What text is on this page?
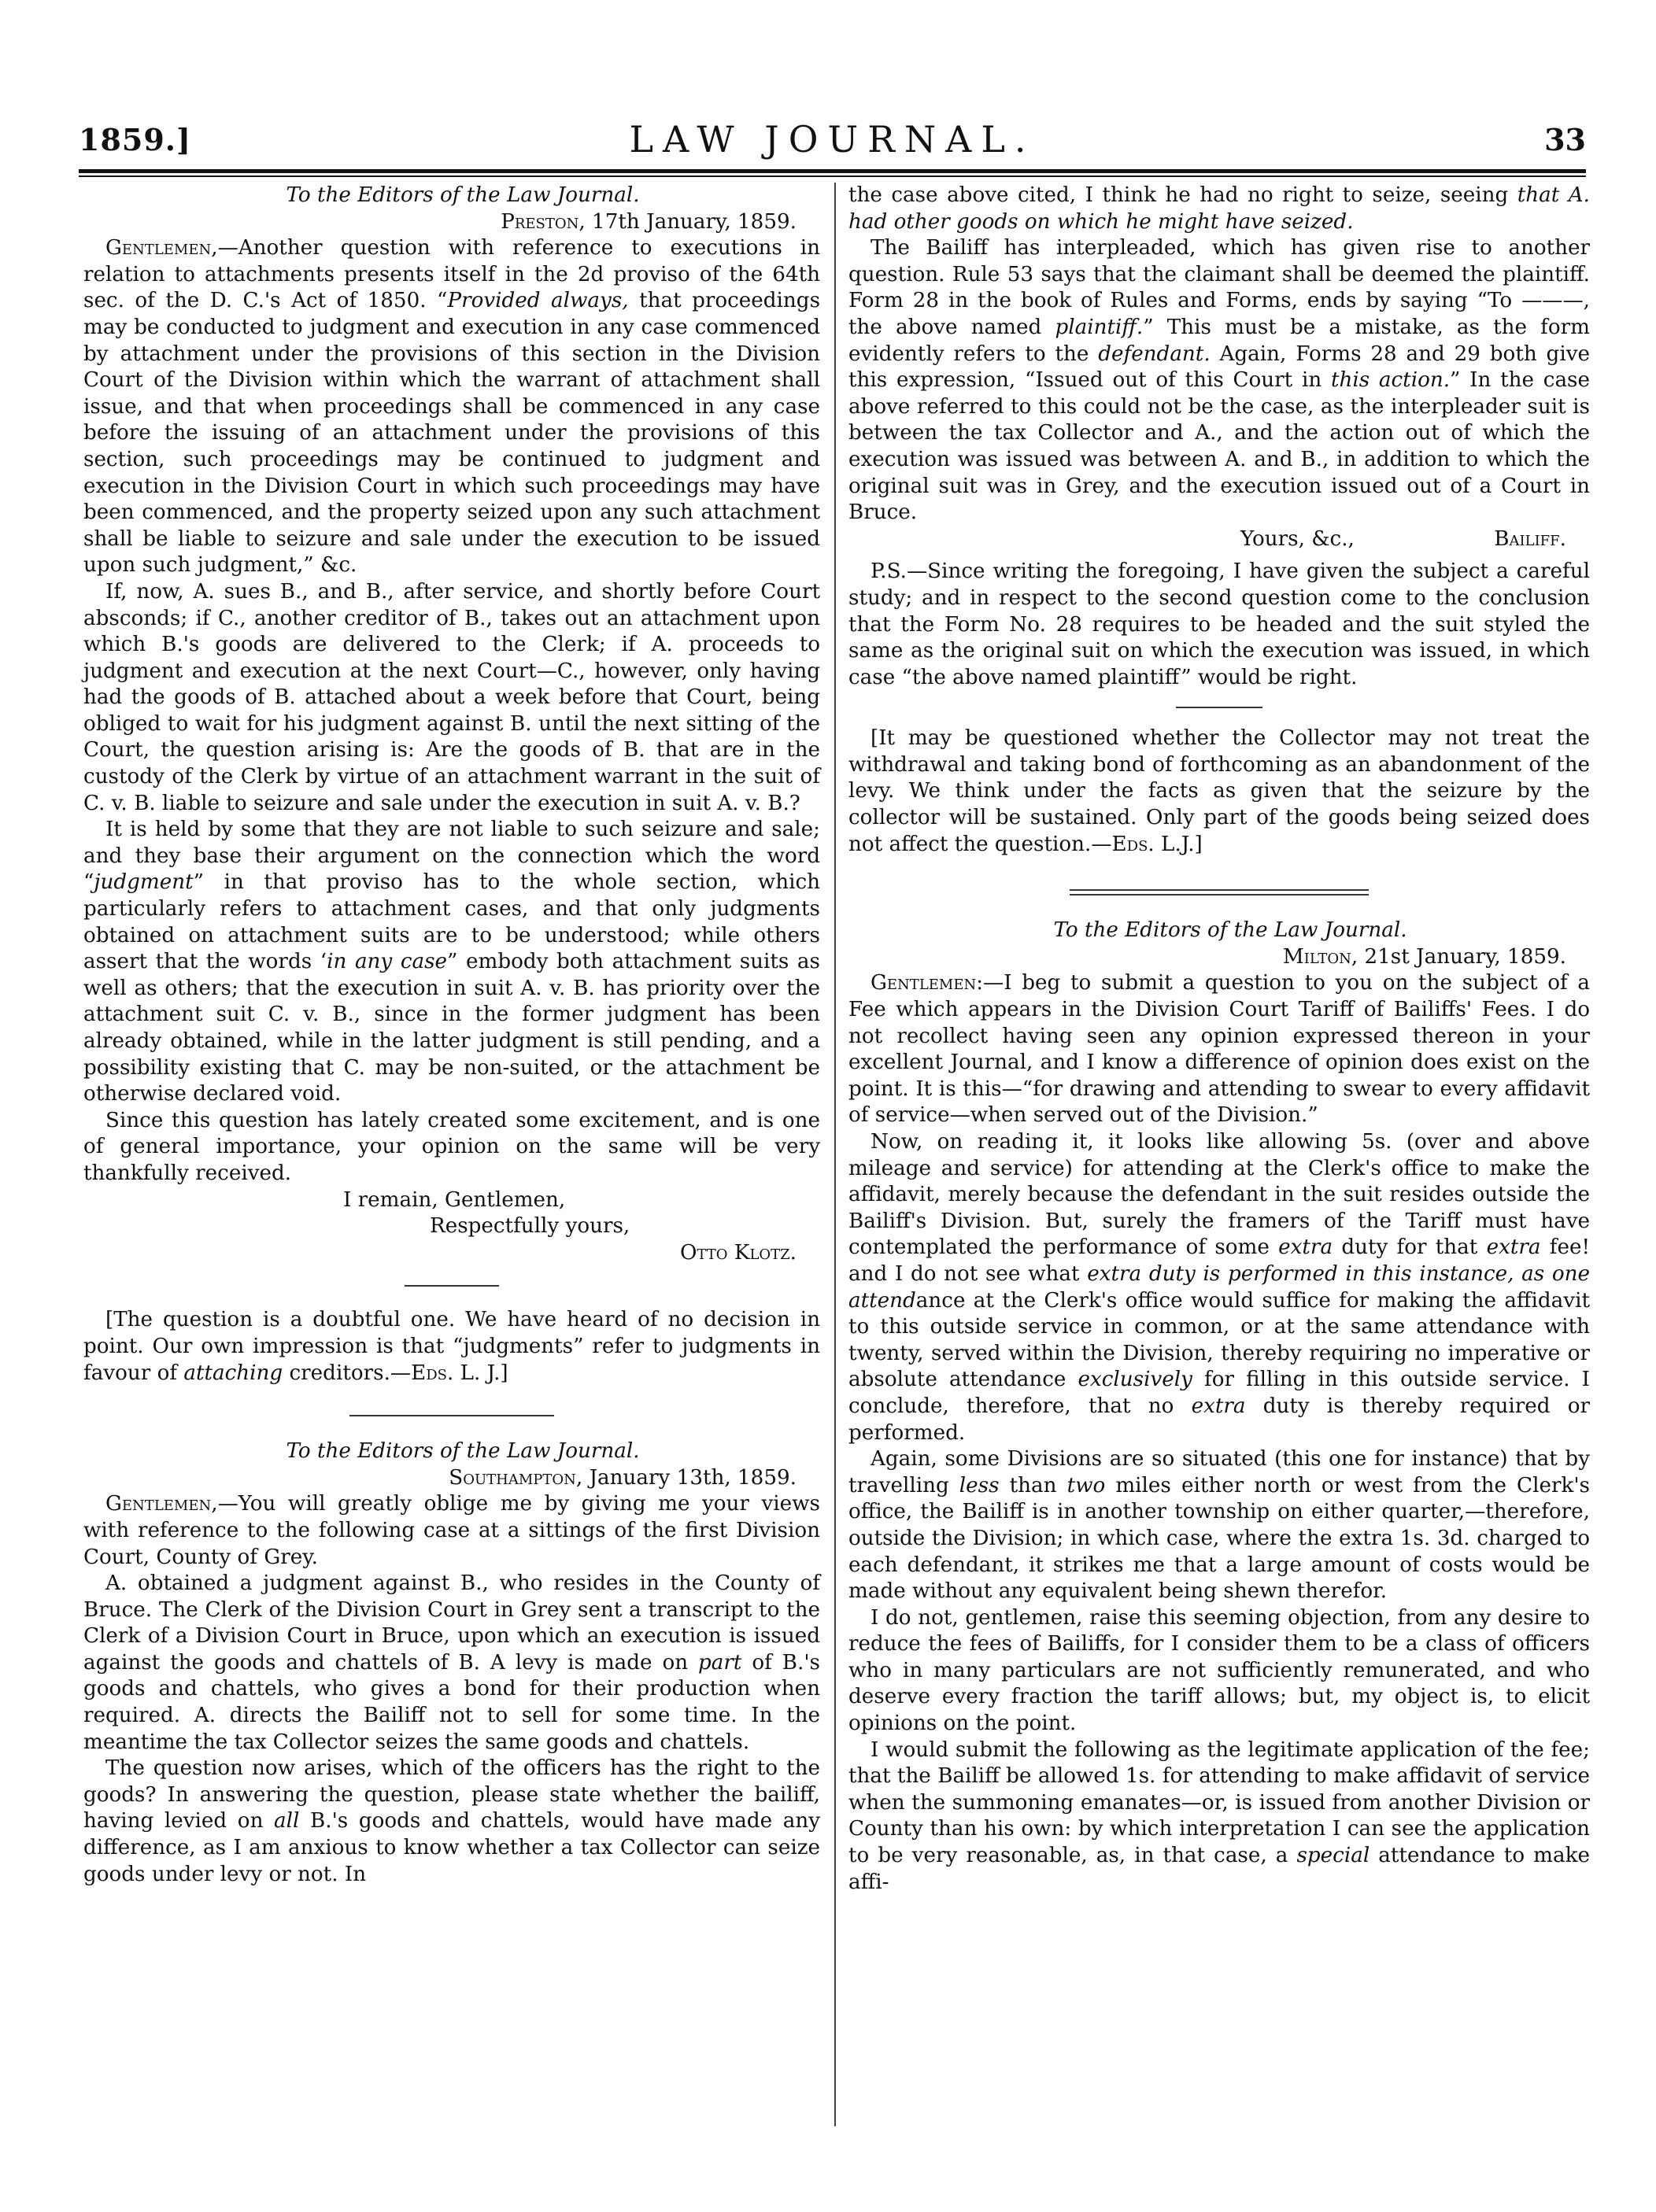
1859.]	LAW JOURNAL.	33

To the Editors of the Law Journal.

Preston, 17th January, 1859.

Gentlemen,—Another question with reference to executions in relation to attachments presents itself in the 2d proviso of the 64th sec. of the D. C.'s Act of 1850. “Provided always, that proceedings may be conducted to judgment and execution in any case commenced by attachment under the provisions of this section in the Division Court of the Division within which the warrant of attachment shall issue, and that when proceedings shall be commenced in any case before the issuing of an attachment under the provisions of this section, such proceedings may be continued to judgment and execution in the Division Court in which such proceedings may have been commenced, and the property seized upon any such attachment shall be liable to seizure and sale under the execution to be issued upon such judgment,” &c.

If, now, A. sues B., and B., after service, and shortly before Court absconds; if C., another creditor of B., takes out an attachment upon which B.'s goods are delivered to the Clerk; if A. proceeds to judgment and execution at the next Court—C., however, only having had the goods of B. attached about a week before that Court, being obliged to wait for his judgment against B. until the next sitting of the Court, the question arising is: Are the goods of B. that are in the custody of the Clerk by virtue of an attachment warrant in the suit of C. v. B. liable to seizure and sale under the execution in suit A. v. B.?

It is held by some that they are not liable to such seizure and sale; and they base their argument on the connection which the word “judgment” in that proviso has to the whole section, which particularly refers to attachment cases, and that only judgments obtained on attachment suits are to be understood; while others assert that the words ‘in any case” embody both attachment suits as well as others; that the execution in suit A. v. B. has priority over the attachment suit C. v. B., since in the former judgment has been already obtained, while in the latter judgment is still pending, and a possibility existing that C. may be non-suited, or the attachment be otherwise declared void.

Since this question has lately created some excitement, and is one of general importance, your opinion on the same will be very thankfully received.

I remain, Gentlemen,
Respectfully yours,
Otto Klotz.

[The question is a doubtful one. We have heard of no decision in point. Our own impression is that “judgments” refer to judgments in favour of attaching creditors.—Eds. L. J.]

To the Editors of the Law Journal.

Southampton, January 13th, 1859.

Gentlemen,—You will greatly oblige me by giving me your views with reference to the following case at a sittings of the first Division Court, County of Grey.

A. obtained a judgment against B., who resides in the County of Bruce. The Clerk of the Division Court in Grey sent a transcript to the Clerk of a Division Court in Bruce, upon which an execution is issued against the goods and chattels of B. A levy is made on part of B.'s goods and chattels, who gives a bond for their production when required. A. directs the Bailiff not to sell for some time. In the meantime the tax Collector seizes the same goods and chattels.

The question now arises, which of the officers has the right to the goods? In answering the question, please state whether the bailiff, having levied on all B.'s goods and chattels, would have made any difference, as I am anxious to know whether a tax Collector can seize goods under levy or not. In

the case above cited, I think he had no right to seize, seeing that A. had other goods on which he might have seized.

The Bailiff has interpleaded, which has given rise to another question. Rule 53 says that the claimant shall be deemed the plaintiff. Form 28 in the book of Rules and Forms, ends by saying “To ———, the above named plaintiff.” This must be a mistake, as the form evidently refers to the defendant. Again, Forms 28 and 29 both give this expression, “Issued out of this Court in this action.” In the case above referred to this could not be the case, as the interpleader suit is between the tax Collector and A., and the action out of which the execution was issued was between A. and B., in addition to which the original suit was in Grey, and the execution issued out of a Court in Bruce.

Yours, &c.,	Bailiff.

P.S.—Since writing the foregoing, I have given the subject a careful study; and in respect to the second question come to the conclusion that the Form No. 28 requires to be headed and the suit styled the same as the original suit on which the execution was issued, in which case “the above named plaintiff” would be right.

[It may be questioned whether the Collector may not treat the withdrawal and taking bond of forthcoming as an abandonment of the levy. We think under the facts as given that the seizure by the collector will be sustained. Only part of the goods being seized does not affect the question.—Eds. L.J.]

To the Editors of the Law Journal.

Milton, 21st January, 1859.

Gentlemen:—I beg to submit a question to you on the subject of a Fee which appears in the Division Court Tariff of Bailiffs' Fees. I do not recollect having seen any opinion expressed thereon in your excellent Journal, and I know a difference of opinion does exist on the point. It is this—“for drawing and attending to swear to every affidavit of service—when served out of the Division.”

Now, on reading it, it looks like allowing 5s. (over and above mileage and service) for attending at the Clerk's office to make the affidavit, merely because the defendant in the suit resides outside the Bailiff's Division. But, surely the framers of the Tariff must have contemplated the performance of some extra duty for that extra fee! and I do not see what extra duty is performed in this instance, as one attendance at the Clerk's office would suffice for making the affidavit to this outside service in common, or at the same attendance with twenty, served within the Division, thereby requiring no imperative or absolute attendance exclusively for filling in this outside service. I conclude, therefore, that no extra duty is thereby required or performed.

Again, some Divisions are so situated (this one for instance) that by travelling less than two miles either north or west from the Clerk's office, the Bailiff is in another township on either quarter,—therefore, outside the Division; in which case, where the extra 1s. 3d. charged to each defendant, it strikes me that a large amount of costs would be made without any equivalent being shewn therefor.

I do not, gentlemen, raise this seeming objection, from any desire to reduce the fees of Bailiffs, for I consider them to be a class of officers who in many particulars are not sufficiently remunerated, and who deserve every fraction the tariff allows; but, my object is, to elicit opinions on the point.

I would submit the following as the legitimate application of the fee; that the Bailiff be allowed 1s. for attending to make affidavit of service when the summoning emanates—or, is issued from another Division or County than his own: by which interpretation I can see the application to be very reasonable, as, in that case, a special attendance to make affi-
